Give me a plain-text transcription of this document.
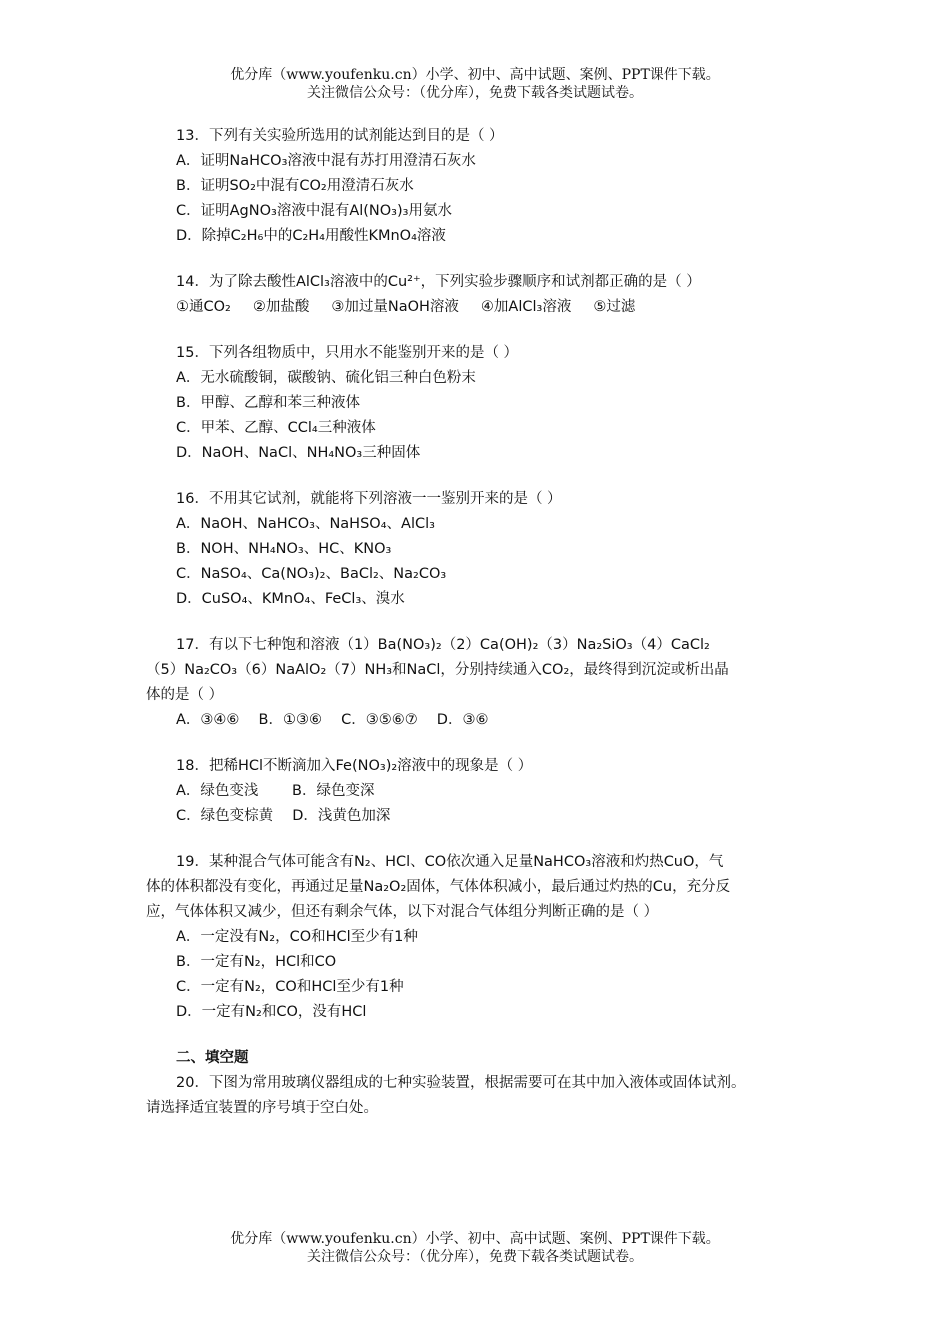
优分库（www.youfenku.cn）小学、初中、高中试题、案例、PPT课件下载。
关注微信公众号：（优分库），免费下载各类试题试卷。
13．下列有关实验所选用的试剂能达到目的是（ ）
A．证明NaHCO₃溶液中混有苏打用澄清石灰水
B．证明SO₂中混有CO₂用澄清石灰水
C．证明AgNO₃溶液中混有Al(NO₃)₃用氨水
D．除掉C₂H₆中的C₂H₄用酸性KMnO₄溶液
14．为了除去酸性AlCl₃溶液中的Cu²⁺，下列实验步骤顺序和试剂都正确的是（ ）
①通CO₂ ②加盐酸 ③加过量NaOH溶液 ④加AlCl₃溶液 ⑤过滤
15．下列各组物质中，只用水不能鉴别开来的是（ ）
A．无水硫酸铜，碳酸钠、硫化铝三种白色粉末
B．甲醇、乙醇和苯三种液体
C．甲苯、乙醇、CCl₄三种液体
D．NaOH、NaCl、NH₄NO₃三种固体
16．不用其它试剂，就能将下列溶液一一鉴别开来的是（ ）
A．NaOH、NaHCO₃、NaHSO₄、AlCl₃
B．NOH、NH₄NO₃、HC、KNO₃
C．NaSO₄、Ca(NO₃)₂、BaCl₂、Na₂CO₃
D．CuSO₄、KMnO₄、FeCl₃、溴水
17．有以下七种饱和溶液（1）Ba(NO₃)₂（2）Ca(OH)₂（3）Na₂SiO₃（4）CaCl₂
（5）Na₂CO₃（6）NaAlO₂（7）NH₃和NaCl，分别持续通入CO₂，最终得到沉淀或析出晶
体的是（ ）
A．③④⑥　 B．①③⑥　 C．③⑤⑥⑦　 D．③⑥
18．把稀HCl不断滴加入Fe(NO₃)₂溶液中的现象是（ ）
A．绿色变浅　　 B．绿色变深
C．绿色变棕黄　 D．浅黄色加深
19．某种混合气体可能含有N₂、HCl、CO依次通入足量NaHCO₃溶液和灼热CuO，气
体的体积都没有变化，再通过足量Na₂O₂固体，气体体积减小，最后通过灼热的Cu，充分反
应，气体体积又减少，但还有剩余气体，以下对混合气体组分判断正确的是（ ）
A．一定没有N₂，CO和HCl至少有1种
B．一定有N₂，HCl和CO
C．一定有N₂，CO和HCl至少有1种
D．一定有N₂和CO，没有HCl
二、填空题
20．下图为常用玻璃仪器组成的七种实验装置，根据需要可在其中加入液体或固体试剂。
请选择适宜装置的序号填于空白处。
优分库（www.youfenku.cn）小学、初中、高中试题、案例、PPT课件下载。
关注微信公众号：（优分库），免费下载各类试题试卷。
